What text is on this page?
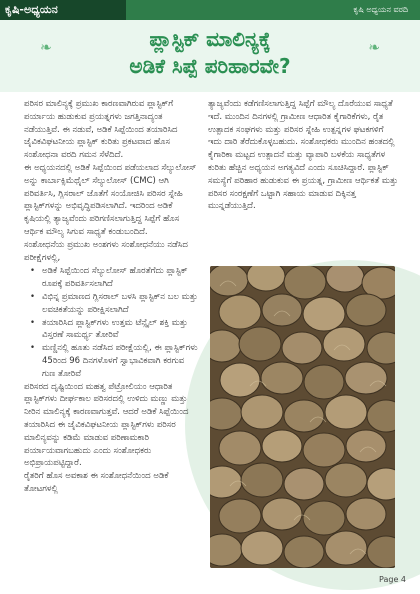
ಕೃಷಿ-ಅಧ್ಯಯನ	ಕೃಷಿ ಅಧ್ಯಯನ ವರದಿ
❧	❧
ಪ್ಲಾಸ್ಟಿಕ್ ಮಾಲಿನ್ಯಕ್ಕೆ
ಅಡಿಕೆ ಸಿಪ್ಪೆ ಪರಿಹಾರವೇ?

ಪರಿಸರ ಮಾಲಿನ್ಯಕ್ಕೆ ಪ್ರಮುಖ ಕಾರಣವಾಗಿರುವ ಪ್ಲಾಸ್ಟಿಕ್‌ಗೆ ಪರ್ಯಾಯ ಹುಡುಕುವ ಪ್ರಯತ್ನಗಳು ಜಗತ್ತಿನಾದ್ಯಂತ ನಡೆಯುತ್ತಿವೆ. ಈ ನಡುವೆ, ಅಡಿಕೆ ಸಿಪ್ಪೆಯಿಂದ ತಯಾರಿಸಿದ ಜೈವಿಕವಿಘಟನೀಯ ಪ್ಲಾಸ್ಟಿಕ್ ಕುರಿತು ಪ್ರಕಟವಾದ ಹೊಸ ಸಂಶೋಧನಾ ವರದಿ ಗಮನ ಸೆಳೆದಿದೆ.

ಈ ಅಧ್ಯಯನದಲ್ಲಿ ಅಡಿಕೆ ಸಿಪ್ಪೆಯಿಂದ ಪಡೆಯಲಾದ ಸೆಲ್ಯುಲೋಸ್ ಅನ್ನು ಕಾರ್ಬಾಕ್ಸಿಮೆಥೈಲ್ ಸೆಲ್ಯುಲೋಸ್ (CMC) ಆಗಿ ಪರಿವರ್ತಿಸಿ, ಗ್ಲಿಸರಾಲ್ ಜೊತೆಗೆ ಸಂಯೋಜಿಸಿ ಪರಿಸರ ಸ್ನೇಹಿ ಪ್ಲಾಸ್ಟಿಕ್‌ಗಳನ್ನು ಅಭಿವೃದ್ಧಿಪಡಿಸಲಾಗಿದೆ. ಇದರಿಂದ ಅಡಿಕೆ ಕೃಷಿಯಲ್ಲಿ ತ್ಯಾಜ್ಯವೆಂದು ಪರಿಗಣಿಸಲಾಗುತ್ತಿದ್ದ ಸಿಪ್ಪೆಗೆ ಹೊಸ ಆರ್ಥಿಕ ಮೌಲ್ಯ ಸಿಗುವ ಸಾಧ್ಯತೆ ಕಂಡುಬಂದಿದೆ.

ಸಂಶೋಧನೆಯ ಪ್ರಮುಖ ಅಂಶಗಳು ಸಂಶೋಧನೆಯು ನಡೆಸಿದ ಪರೀಕ್ಷೆಗಳಲ್ಲಿ,

• ಅಡಿಕೆ ಸಿಪ್ಪೆಯಿಂದ ಸೆಲ್ಯುಲೋಸ್ ಹೊರತೆಗೆದು ಪ್ಲಾಸ್ಟಿಕ್ ರೂಪಕ್ಕೆ ಪರಿವರ್ತಿಸಲಾಗಿದೆ
• ವಿಭಿನ್ನ ಪ್ರಮಾಣದ ಗ್ಲಿಸರಾಲ್ ಬಳಸಿ ಪ್ಲಾಸ್ಟಿಕ್‌ನ ಬಲ ಮತ್ತು ಲವಚಿಕತೆಯನ್ನು ಪರೀಕ್ಷಿಸಲಾಗಿದೆ
• ತಯಾರಿಸಿದ ಪ್ಲಾಸ್ಟಿಕ್‌ಗಳು ಉತ್ತಮ ಟೆನ್ಸೈಲ್ ಶಕ್ತಿ ಮತ್ತು ವಿಸ್ತರಣೆ ಸಾಮರ್ಥ್ಯ ತೋರಿವೆ
• ಮಣ್ಣಿನಲ್ಲಿ ಹೂತು ನಡೆಸಿದ ಪರೀಕ್ಷೆಯಲ್ಲಿ, ಈ ಪ್ಲಾಸ್ಟಿಕ್‌ಗಳು 45ರಿಂದ 96 ದಿನಗಳೊಳಗೆ ಸ್ವಾಭಾವಿಕವಾಗಿ ಕರಗುವ ಗುಣ ತೋರಿವೆ

ಪರಿಸರದ ದೃಷ್ಟಿಯಿಂದ ಮಹತ್ವ ಪೆಟ್ರೋಲಿಯಂ ಆಧಾರಿತ ಪ್ಲಾಸ್ಟಿಕ್‌ಗಳು ದೀರ್ಘಕಾಲ ಪರಿಸರದಲ್ಲಿ ಉಳಿದು ಮಣ್ಣು ಮತ್ತು ನೀರಿನ ಮಾಲಿನ್ಯಕ್ಕೆ ಕಾರಣವಾಗುತ್ತವೆ. ಆದರೆ ಅಡಿಕೆ ಸಿಪ್ಪೆಯಿಂದ ತಯಾರಿಸಿದ ಈ ಜೈವಿಕವಿಘಟನೀಯ ಪ್ಲಾಸ್ಟಿಕ್‌ಗಳು ಪರಿಸರ ಮಾಲಿನ್ಯವನ್ನು ಕಡಿಮೆ ಮಾಡುವ ಪರಿಣಾಮಕಾರಿ ಪರ್ಯಾಯವಾಗಬಹುದು ಎಂದು ಸಂಶೋಧಕರು ಅಭಿಪ್ರಾಯಪಟ್ಟಿದ್ದಾರೆ.

ರೈತರಿಗೆ ಹೊಸ ಅವಕಾಶ ಈ ಸಂಶೋಧನೆಯಿಂದ ಅಡಿಕೆ ತೋಟಗಳಲ್ಲಿ

ತ್ಯಾಜ್ಯವೆಂದು ಕಡೆಗಣಿಸಲಾಗುತ್ತಿದ್ದ ಸಿಪ್ಪೆಗೆ ಮೌಲ್ಯ ದೊರೆಯುವ ಸಾಧ್ಯತೆ ಇದೆ. ಮುಂದಿನ ದಿನಗಳಲ್ಲಿ ಗ್ರಾಮೀಣ ಆಧಾರಿತ ಕೈಗಾರಿಕೆಗಳು, ರೈತ ಉತ್ಪಾದಕ ಸಂಘಗಳು ಮತ್ತು ಪರಿಸರ ಸ್ನೇಹಿ ಉತ್ಪನ್ನಗಳ ಘಟಕಗಳಿಗೆ ಇದು ದಾರಿ ತೆರೆದುಕೊಳ್ಳಬಹುದು. ಸಂಶೋಧಕರು ಮುಂದಿನ ಹಂತದಲ್ಲಿ ಕೈಗಾರಿಕಾ ಮಟ್ಟದ ಉತ್ಪಾದನೆ ಮತ್ತು ವ್ಯಾಪಾರಿ ಬಳಕೆಯ ಸಾಧ್ಯತೆಗಳ ಕುರಿತು ಹೆಚ್ಚಿನ ಅಧ್ಯಯನ ಅಗತ್ಯವಿದೆ ಎಂದು ಸೂಚಿಸಿದ್ದಾರೆ. ಪ್ಲಾಸ್ಟಿಕ್ ಸಮಸ್ಯೆಗೆ ಪರಿಹಾರ ಹುಡುಕುವ ಈ ಪ್ರಯತ್ನ, ಗ್ರಾಮೀಣ ಆರ್ಥಿಕತೆ ಮತ್ತು ಪರಿಸರ ಸಂರಕ್ಷಣೆಗೆ ಒಟ್ಟಾಗಿ ಸಹಾಯ ಮಾಡುವ ದಿಕ್ಕಿನತ್ತ ಮುನ್ನಡೆಯುತ್ತಿದೆ.

Page 4
